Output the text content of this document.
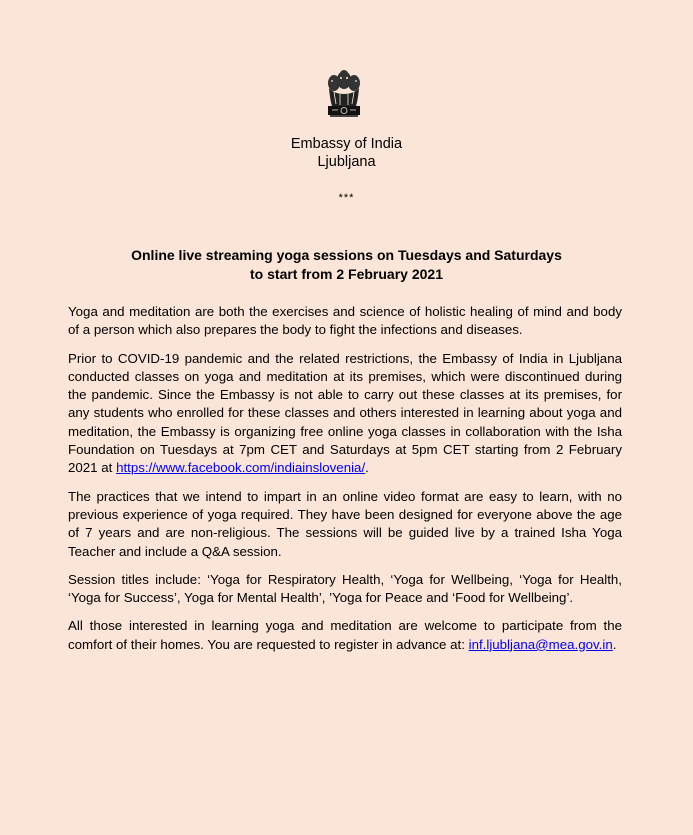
Embassy of India
Ljubljana
***
Online live streaming yoga sessions on Tuesdays and Saturdays
to start from 2 February 2021

Yoga and meditation are both the exercises and science of holistic healing of mind and body of a person which also prepares the body to fight the infections and diseases.

Prior to COVID-19 pandemic and the related restrictions, the Embassy of India in Ljubljana conducted classes on yoga and meditation at its premises, which were discontinued during the pandemic. Since the Embassy is not able to carry out these classes at its premises, for any students who enrolled for these classes and others interested in learning about yoga and meditation, the Embassy is organizing free online yoga classes in collaboration with the Isha Foundation on Tuesdays at 7pm CET and Saturdays at 5pm CET starting from 2 February 2021 at https://www.facebook.com/indiainslovenia/.

The practices that we intend to impart in an online video format are easy to learn, with no previous experience of yoga required. They have been designed for everyone above the age of 7 years and are non-religious. The sessions will be guided live by a trained Isha Yoga Teacher and include a Q&A session.

Session titles include: ‘Yoga for Respiratory Health, ‘Yoga for Wellbeing, ‘Yoga for Health, ‘Yoga for Success’, Yoga for Mental Health’, ’Yoga for Peace and ‘Food for Wellbeing’.

All those interested in learning yoga and meditation are welcome to participate from the comfort of their homes. You are requested to register in advance at: inf.ljubljana@mea.gov.in.
